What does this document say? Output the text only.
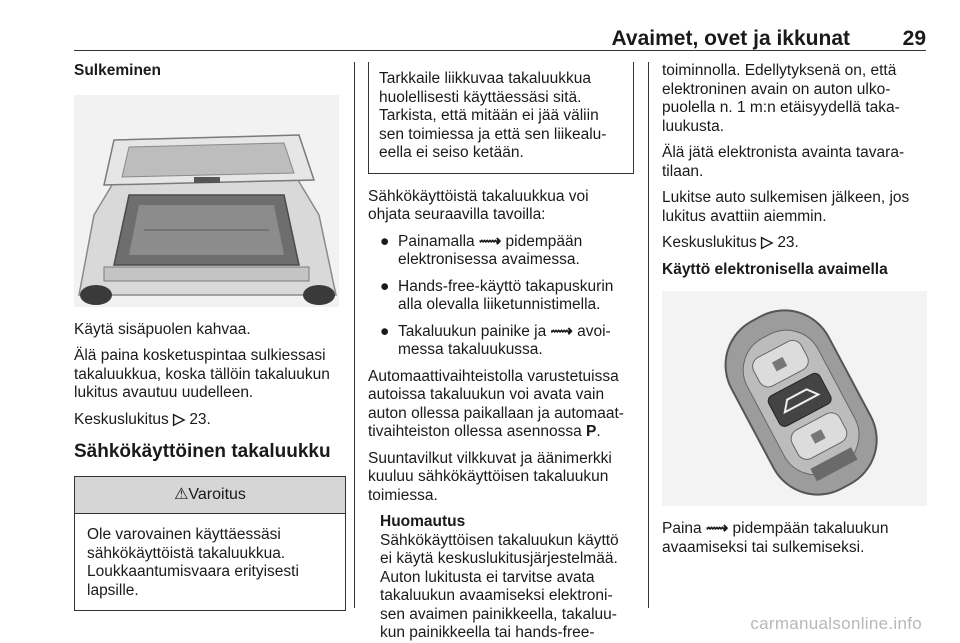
Avaimet, ovet ja ikkunat	29

Sulkeminen

Käytä sisäpuolen kahvaa.

Älä paina kosketuspintaa sulkiessasi takaluukkua, koska tällöin takaluukun lukitus avautuu uudelleen.

Keskuslukitus ▷ 23.

Sähkökäyttöinen takaluukku
⚠Varoitus
Ole varovainen käyttäessäsi sähkökäyttöistä takaluukkua. Loukkaantumisvaara erityisesti lapsille.
Tarkkaile liikkuvaa takaluukkua huolellisesti käyttäessäsi sitä. Tarkista, että mitään ei jää väliin sen toimiessa ja että sen liikealu-eella ei seiso ketään.

Sähkökäyttöistä takaluukkua voi ohjata seuraavilla tavoilla:

● Painamalla ⟿ pidempään elektronisessa avaimessa.
● Hands-free-käyttö takapuskurin alla olevalla liiketunnistimella.
● Takaluukun painike ja ⟿ avoi-messa takaluukussa.

Automaattivaihteistolla varustetuissa autoissa takaluukun voi avata vain auton ollessa paikallaan ja automaat-tivaihteiston ollessa asennossa P.

Suuntavilkut vilkkuvat ja äänimerkki kuuluu sähkökäyttöisen takaluukun toimiessa.

Huomautus
Sähkökäyttöisen takaluukun käyttö ei käytä keskuslukitusjärjestelmää. Auton lukitusta ei tarvitse avata takaluukun avaamiseksi elektroni-sen avaimen painikkeella, takaluu-kun painikkeella tai hands-free-

toiminnolla. Edellytyksenä on, että elektroninen avain on auton ulko-puolella n. 1 m:n etäisyydellä taka-luukusta.

Älä jätä elektronista avainta tavara-tilaan.

Lukitse auto sulkemisen jälkeen, jos lukitus avattiin aiemmin.

Keskuslukitus ▷ 23.

Käyttö elektronisella avaimella

Paina ⟿ pidempään takaluukun avaamiseksi tai sulkemiseksi.

carmanualsonline.info
